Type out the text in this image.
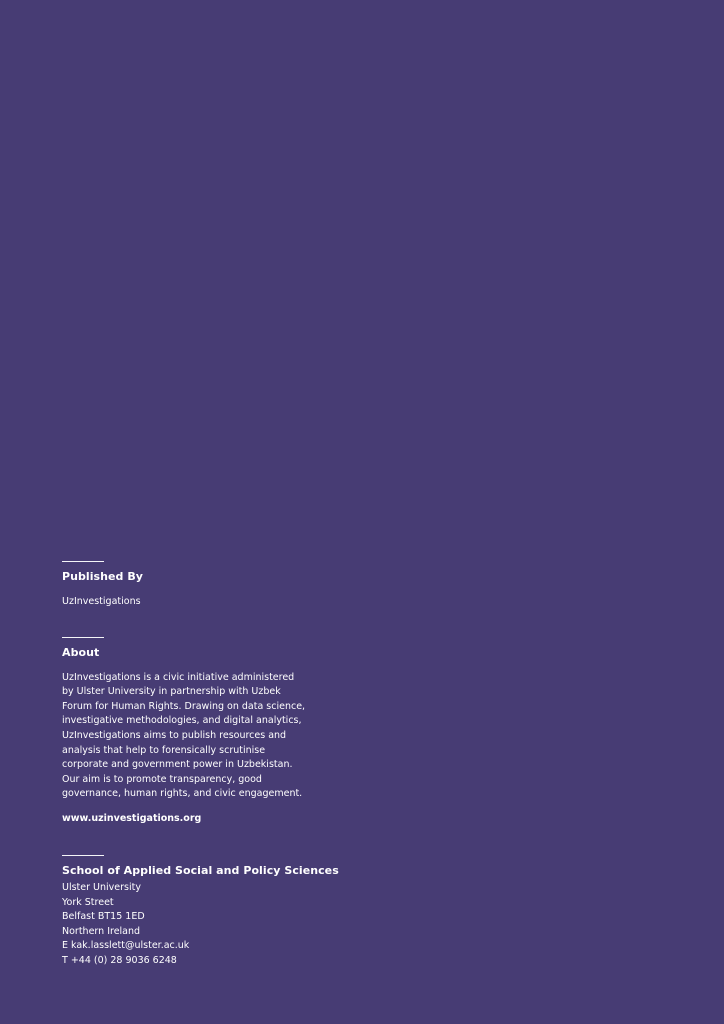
Published By
UzInvestigations
About
UzInvestigations is a civic initiative administered
by Ulster University in partnership with Uzbek
Forum for Human Rights. Drawing on data science,
investigative methodologies, and digital analytics,
UzInvestigations aims to publish resources and
analysis that help to forensically scrutinise
corporate and government power in Uzbekistan.
Our aim is to promote transparency, good
governance, human rights, and civic engagement.
www.uzinvestigations.org
School of Applied Social and Policy Sciences
Ulster University
York Street
Belfast BT15 1ED
Northern Ireland
E kak.lasslett@ulster.ac.uk
T +44 (0) 28 9036 6248
